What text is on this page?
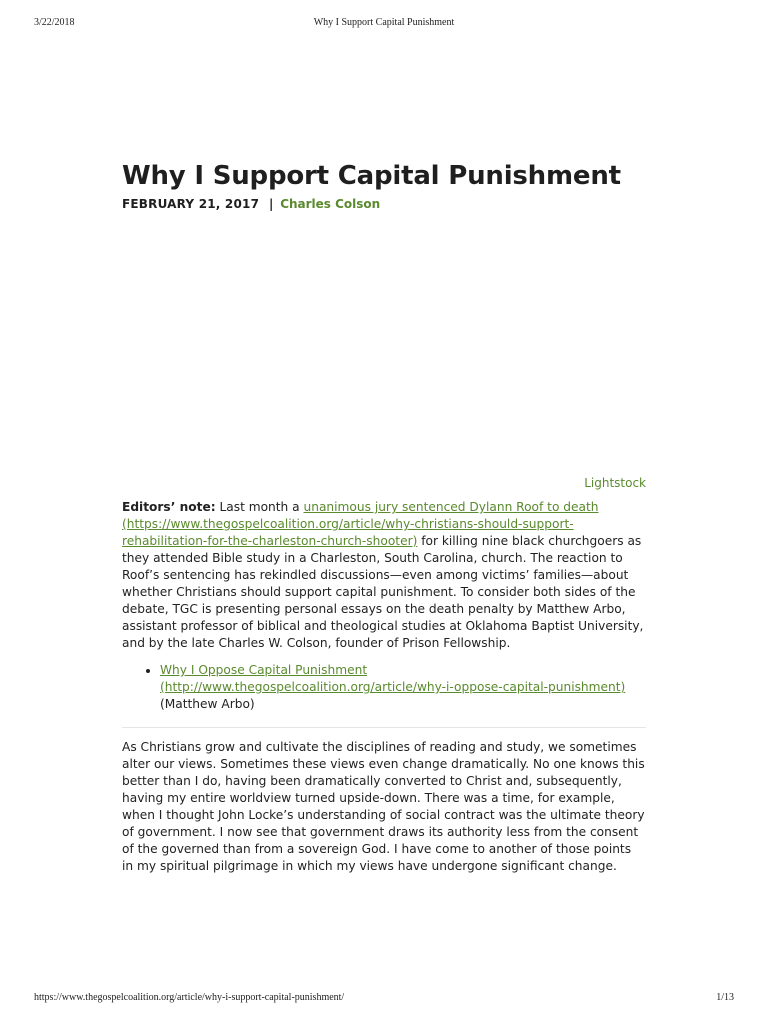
3/22/2018	Why I Support Capital Punishment
Why I Support Capital Punishment
FEBRUARY 21, 2017 | Charles Colson
Lightstock

Editors’ note: Last month a unanimous jury sentenced Dylann Roof to death (https://www.thegospelcoalition.org/article/why-christians-should-support-rehabilitation-for-the-charleston-church-shooter) for killing nine black churchgoers as they attended Bible study in a Charleston, South Carolina, church. The reaction to Roof’s sentencing has rekindled discussions—even among victims’ families—about whether Christians should support capital punishment. To consider both sides of the debate, TGC is presenting personal essays on the death penalty by Matthew Arbo, assistant professor of biblical and theological studies at Oklahoma Baptist University, and by the late Charles W. Colson, founder of Prison Fellowship.

• Why I Oppose Capital Punishment (http://www.thegospelcoalition.org/article/why-i-oppose-capital-punishment) (Matthew Arbo)

As Christians grow and cultivate the disciplines of reading and study, we sometimes alter our views. Sometimes these views even change dramatically. No one knows this better than I do, having been dramatically converted to Christ and, subsequently, having my entire worldview turned upside-down. There was a time, for example, when I thought John Locke’s understanding of social contract was the ultimate theory of government. I now see that government draws its authority less from the consent of the governed than from a sovereign God. I have come to another of those points in my spiritual pilgrimage in which my views have undergone significant change.

https://www.thegospelcoalition.org/article/why-i-support-capital-punishment/	1/13
